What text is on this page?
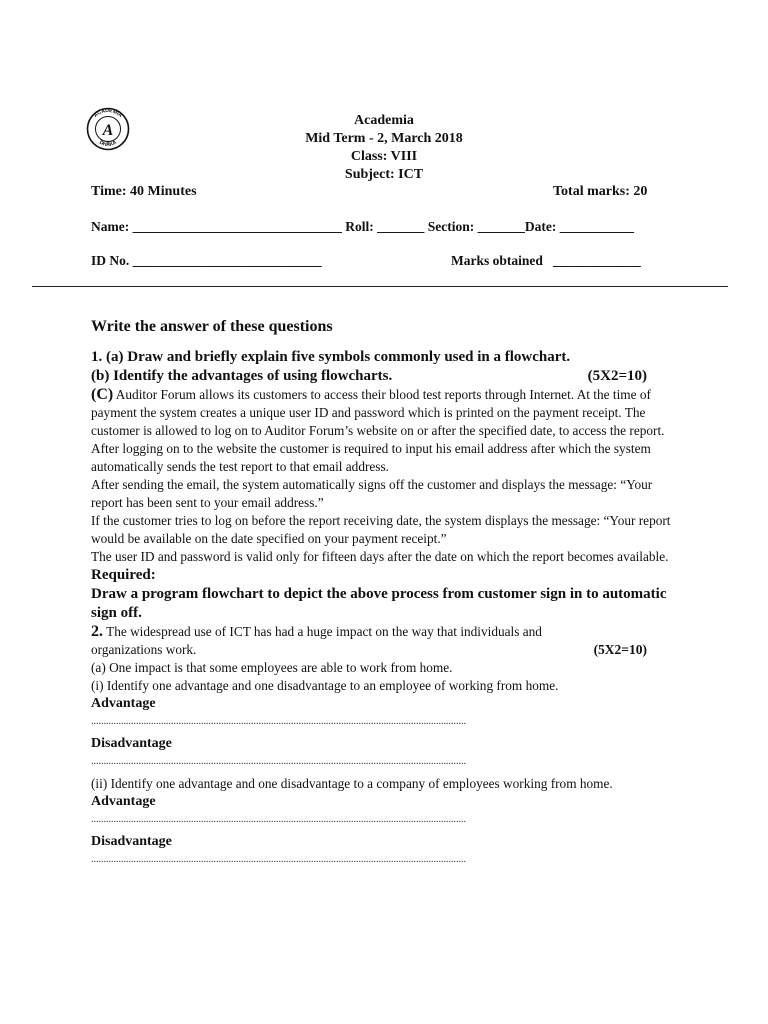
A
ACADEMIA
DHAKA
Academia
Mid Term - 2, March 2018
Class: VIII
Subject: ICT
Time: 40 Minutes	Total marks: 20
Name: _______________________________ Roll: _______ Section: _______Date: ___________
ID No. ____________________________	Marks obtained   _____________
Write the answer of these questions
1. (a) Draw and briefly explain five symbols commonly used in a flowchart.
(b) Identify the advantages of using flowcharts.	(5X2=10)
(C) Auditor Forum allows its customers to access their blood test reports through Internet. At the time of payment the system creates a unique user ID and password which is printed on the payment receipt. The customer is allowed to log on to Auditor Forum’s website on or after the specified date, to access the report. After logging on to the website the customer is required to input his email address after which the system automatically sends the test report to that email address.
After sending the email, the system automatically signs off the customer and displays the message: “Your report has been sent to your email address.”
If the customer tries to log on before the report receiving date, the system displays the message: “Your report would be available on the date specified on your payment receipt.”
The user ID and password is valid only for fifteen days after the date on which the report becomes available.
Required:
Draw a program flowchart to depict the above process from customer sign in to automatic sign off.
2. The widespread use of ICT has had a huge impact on the way that individuals and organizations work.	(5X2=10)
(a) One impact is that some employees are able to work from home.
(i) Identify one advantage and one disadvantage to an employee of working from home.
Advantage
......................................................................................................................................................
Disadvantage
......................................................................................................................................................
(ii) Identify one advantage and one disadvantage to a company of employees working from home.
Advantage
......................................................................................................................................................
Disadvantage
......................................................................................................................................................
